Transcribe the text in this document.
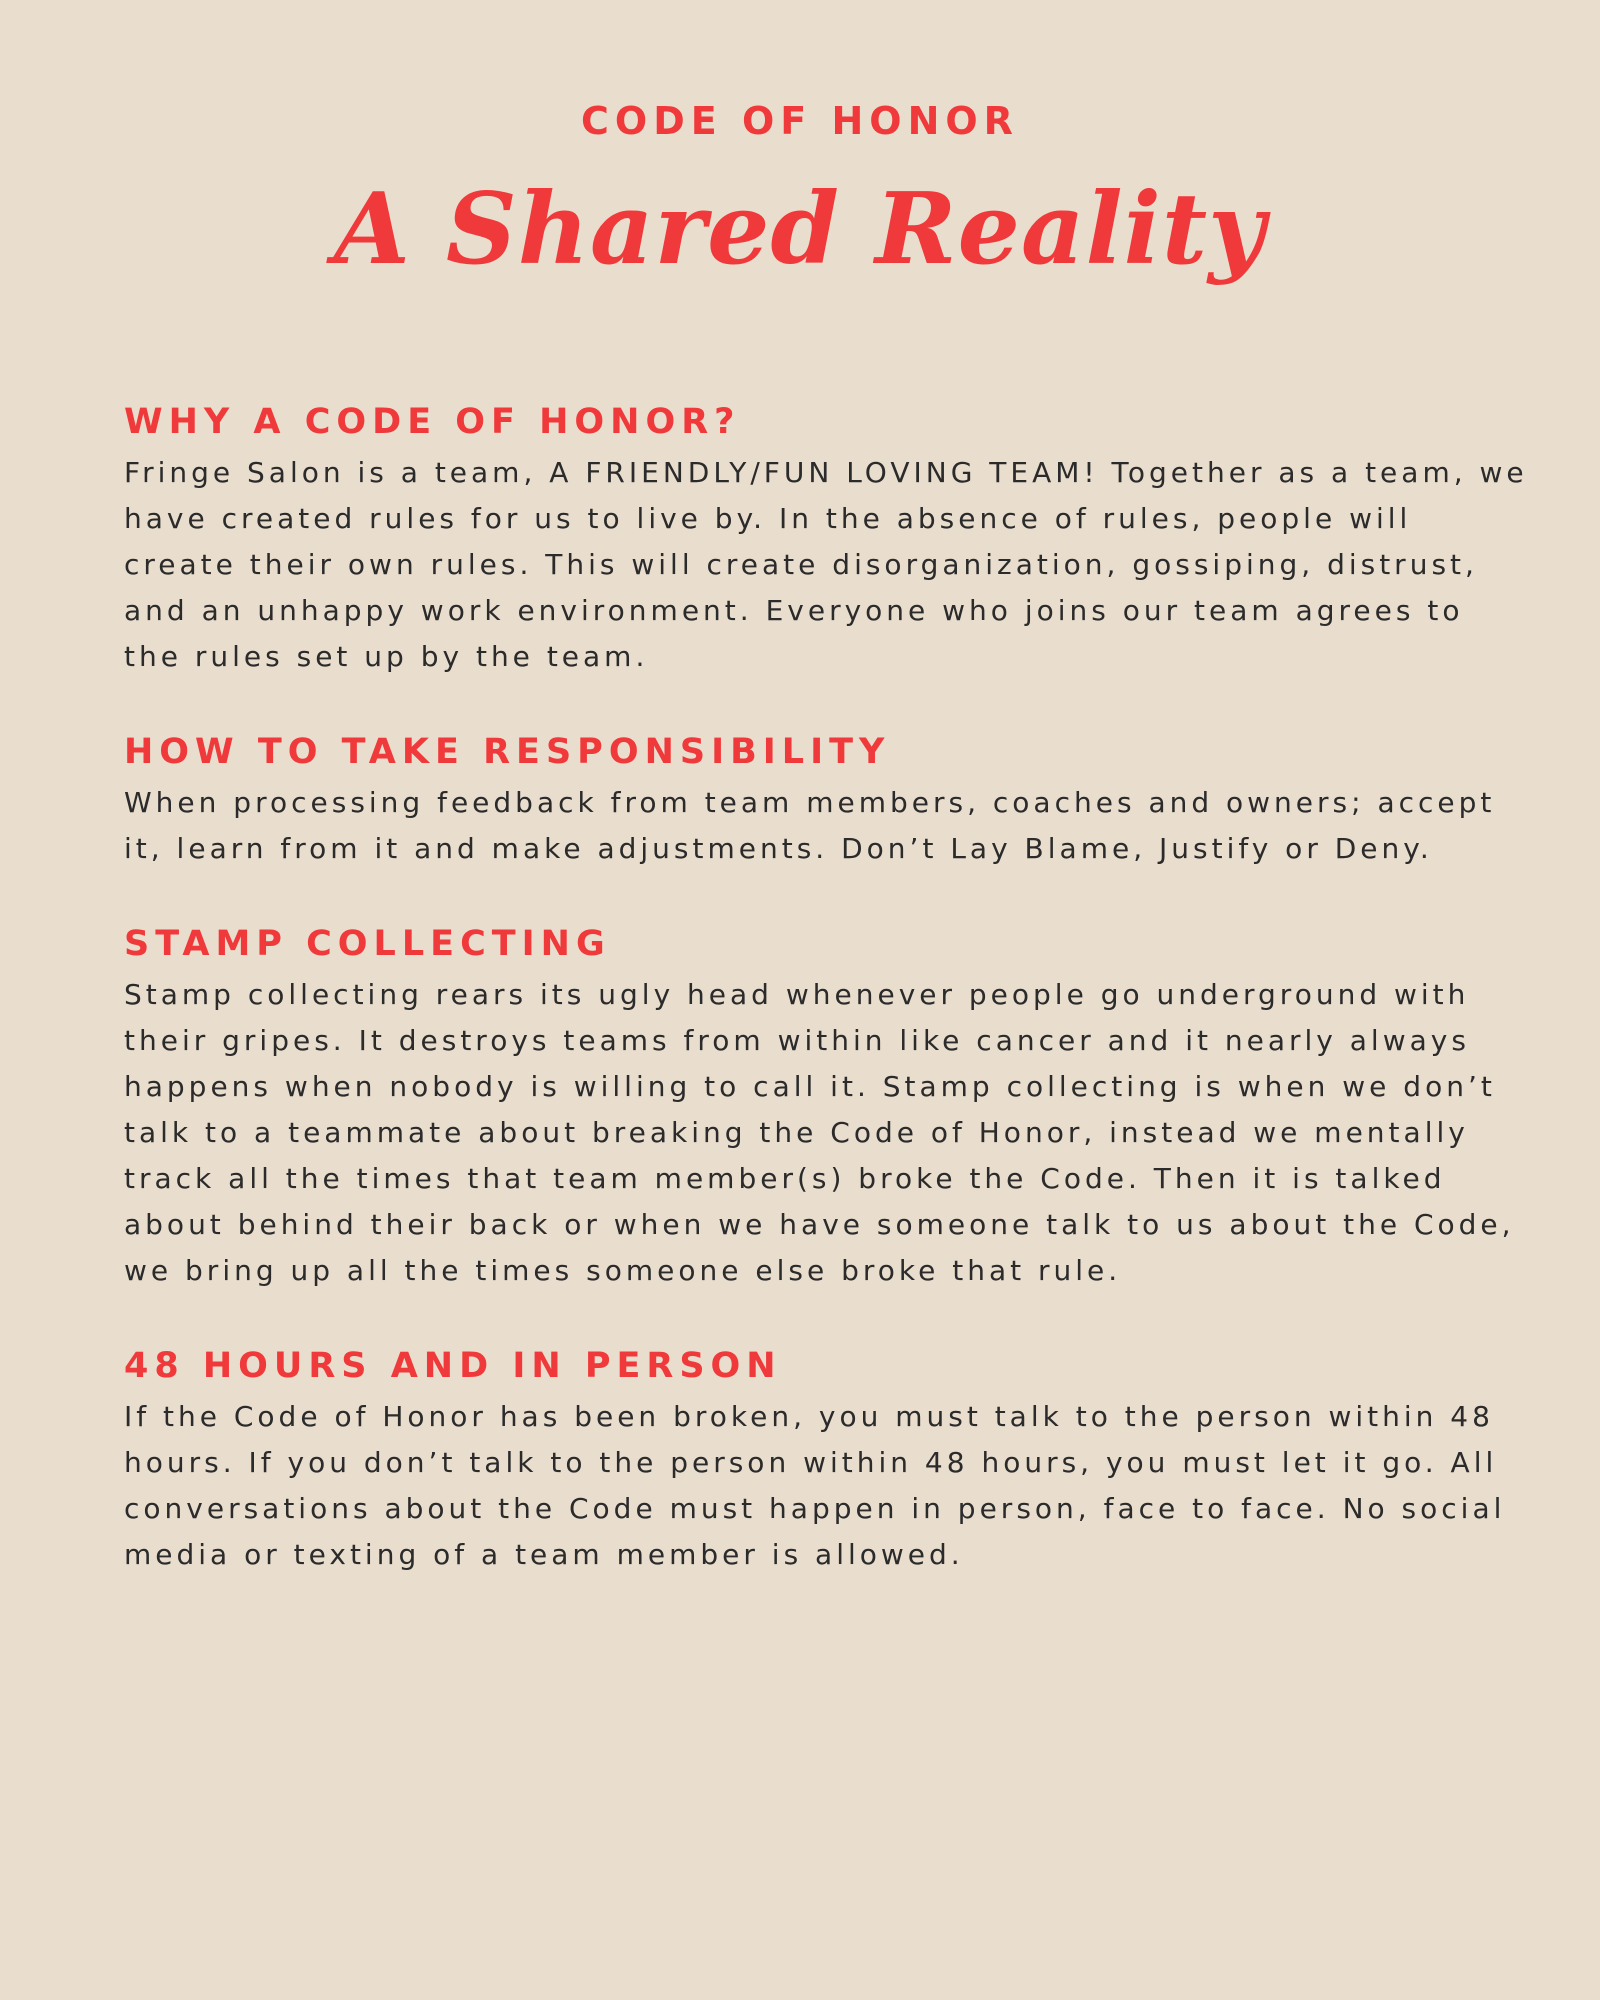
CODE OF HONOR

A Shared Reality
WHY A CODE OF HONOR?

Fringe Salon is a team, A FRIENDLY/FUN LOVING TEAM! Together as a team, we have created rules for us to live by. In the absence of rules, people will create their own rules. This will create disorganization, gossiping, distrust, and an unhappy work environment. Everyone who joins our team agrees to the rules set up by the team.

HOW TO TAKE RESPONSIBILITY

When processing feedback from team members, coaches and owners; accept it, learn from it and make adjustments. Don’t Lay Blame, Justify or Deny.

STAMP COLLECTING

Stamp collecting rears its ugly head whenever people go underground with their gripes. It destroys teams from within like cancer and it nearly always happens when nobody is willing to call it. Stamp collecting is when we don’t talk to a teammate about breaking the Code of Honor, instead we mentally track all the times that team member(s) broke the Code. Then it is talked about behind their back or when we have someone talk to us about the Code, we bring up all the times someone else broke that rule.

48 HOURS AND IN PERSON

If the Code of Honor has been broken, you must talk to the person within 48 hours. If you don’t talk to the person within 48 hours, you must let it go. All conversations about the Code must happen in person, face to face. No social media or texting of a team member is allowed.
